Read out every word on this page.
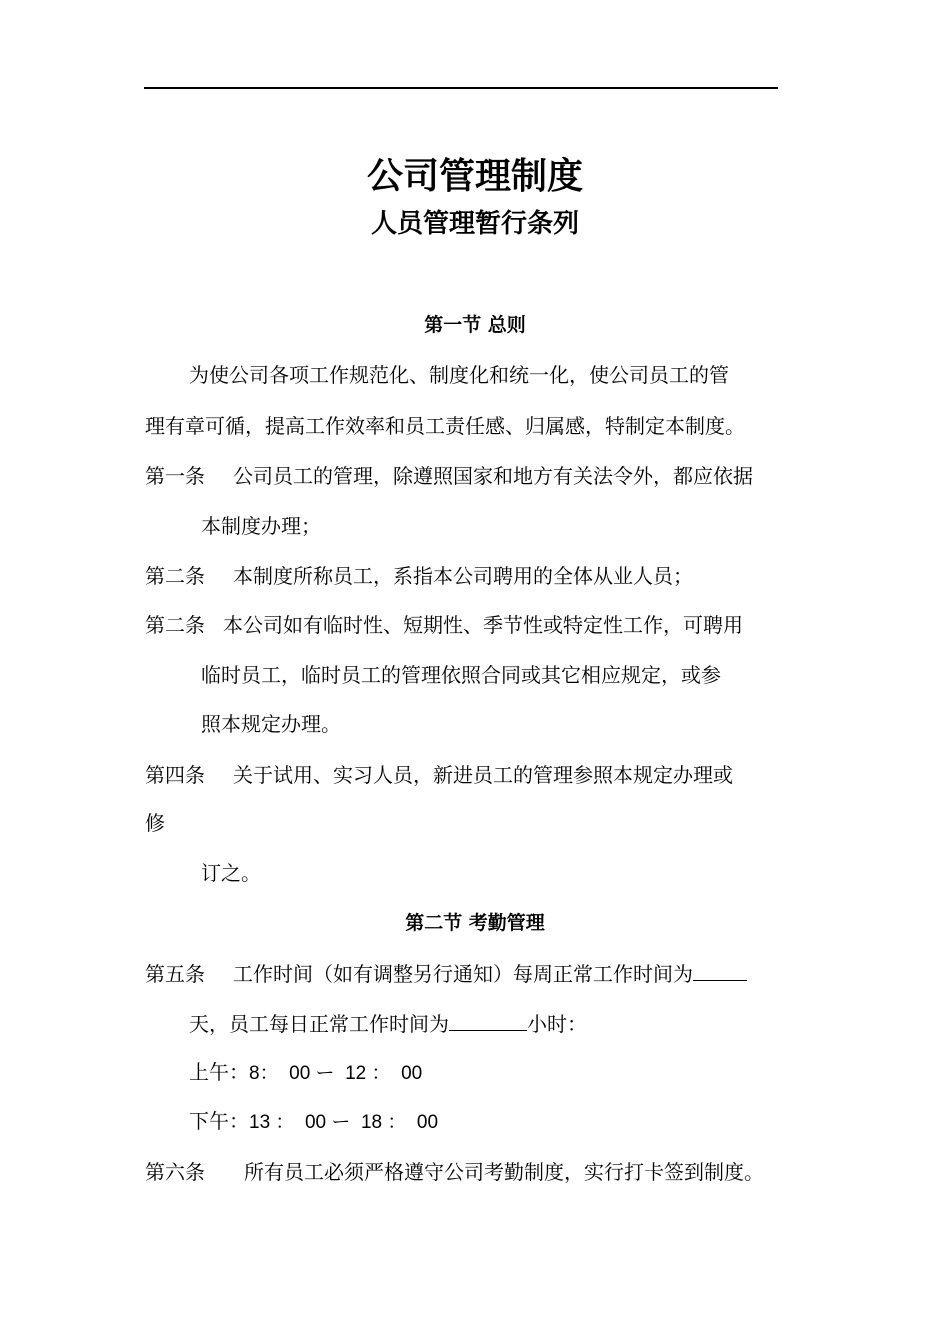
公司管理制度
人员管理暂行条列
第一节 总则
为使公司各项工作规范化、制度化和统一化，使公司员工的管
理有章可循，提高工作效率和员工责任感、归属感，特制定本制度。
第一条 公司员工的管理，除遵照国家和地方有关法令外，都应依据
本制度办理；
第二条 本制度所称员工，系指本公司聘用的全体从业人员；
第二条 本公司如有临时性、短期性、季节性或特定性工作，可聘用
临时员工，临时员工的管理依照合同或其它相应规定，或参
照本规定办理。
第四条 关于试用、实习人员，新进员工的管理参照本规定办理或
修
订之。
第二节 考勤管理
第五条 工作时间（如有调整另行通知）每周正常工作时间为
天，员工每日正常工作时间为	小时：
上午：8：  00 ー  12 ：  00
下午：13 ：  00 ー  18 ：  00
第六条 所有员工必须严格遵守公司考勤制度，实行打卡签到制度。
